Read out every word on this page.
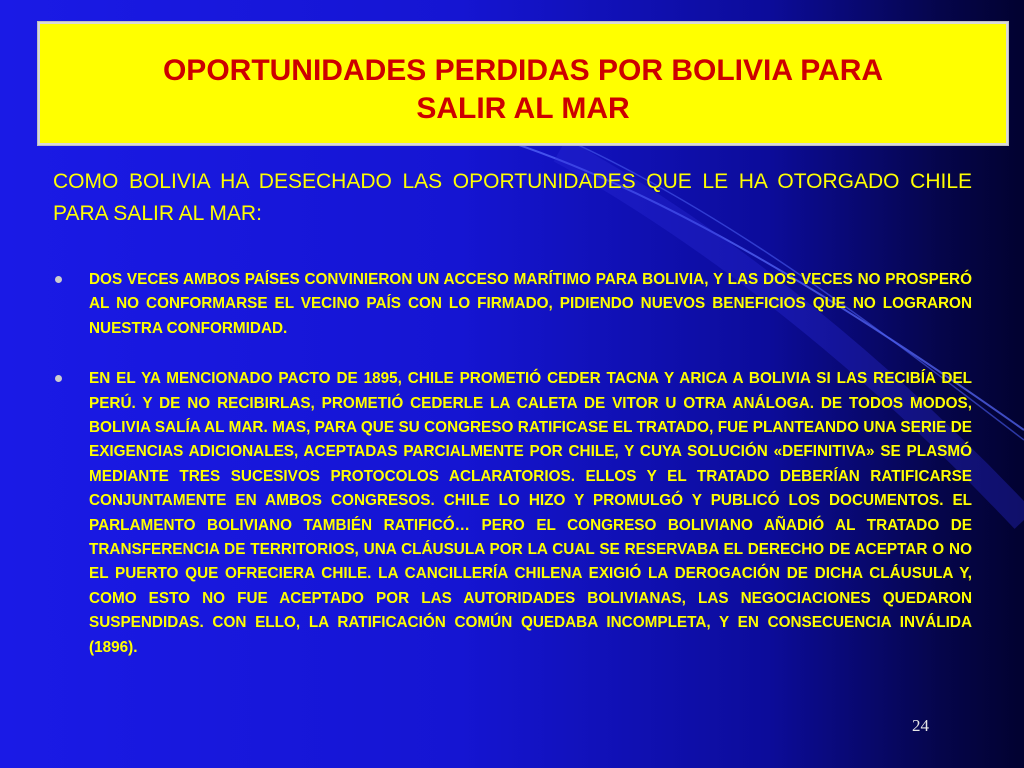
OPORTUNIDADES PERDIDAS POR BOLIVIA PARA
SALIR AL MAR
COMO BOLIVIA HA DESECHADO LAS OPORTUNIDADES QUE LE HA OTORGADO CHILE PARA SALIR AL MAR:
DOS VECES AMBOS PAÍSES CONVINIERON UN ACCESO MARÍTIMO PARA BOLIVIA, Y LAS DOS VECES NO PROSPERÓ AL NO CONFORMARSE EL VECINO PAÍS CON LO FIRMADO, PIDIENDO NUEVOS BENEFICIOS QUE NO LOGRARON NUESTRA CONFORMIDAD.
EN EL YA MENCIONADO PACTO DE 1895, CHILE PROMETIÓ CEDER TACNA Y ARICA A BOLIVIA SI LAS RECIBÍA DEL PERÚ. Y DE NO RECIBIRLAS, PROMETIÓ CEDERLE LA CALETA DE VITOR U OTRA ANÁLOGA. DE TODOS MODOS, BOLIVIA SALÍA AL MAR. MAS, PARA QUE SU CONGRESO RATIFICASE EL TRATADO, FUE PLANTEANDO UNA SERIE DE EXIGENCIAS ADICIONALES, ACEPTADAS PARCIALMENTE POR CHILE, Y CUYA SOLUCIÓN «DEFINITIVA» SE PLASMÓ MEDIANTE TRES SUCESIVOS PROTOCOLOS ACLARATORIOS. ELLOS Y EL TRATADO DEBERÍAN RATIFICARSE CONJUNTAMENTE EN AMBOS CONGRESOS. CHILE LO HIZO Y PROMULGÓ Y PUBLICÓ LOS DOCUMENTOS. EL PARLAMENTO BOLIVIANO TAMBIÉN RATIFICÓ… PERO EL CONGRESO BOLIVIANO AÑADIÓ AL TRATADO DE TRANSFERENCIA DE TERRITORIOS, UNA CLÁUSULA POR LA CUAL SE RESERVABA EL DERECHO DE ACEPTAR O NO EL PUERTO QUE OFRECIERA CHILE. LA CANCILLERÍA CHILENA EXIGIÓ LA DEROGACIÓN DE DICHA CLÁUSULA Y, COMO ESTO NO FUE ACEPTADO POR LAS AUTORIDADES BOLIVIANAS, LAS NEGOCIACIONES QUEDARON SUSPENDIDAS. CON ELLO, LA RATIFICACIÓN COMÚN QUEDABA INCOMPLETA, Y EN CONSECUENCIA INVÁLIDA (1896).
24
